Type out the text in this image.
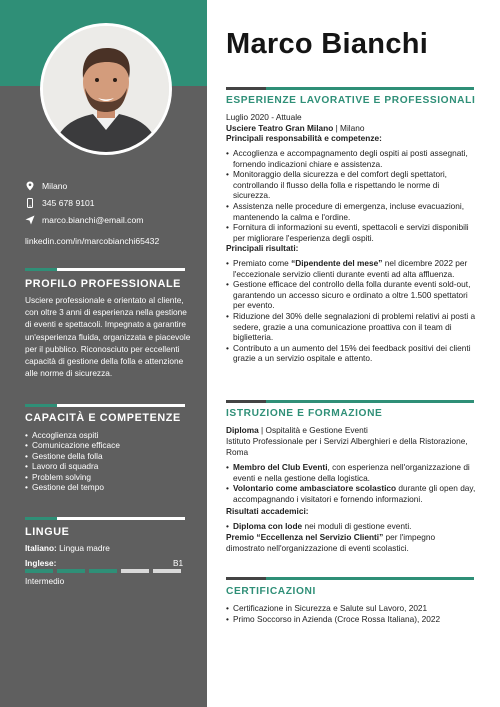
Milano
345 678 9101
marco.bianchi@email.com
linkedin.com/in/marcobianchi65432
PROFILO PROFESSIONALE
Usciere professionale e orientato al cliente, con oltre 3 anni di esperienza nella gestione di eventi e spettacoli. Impegnato a garantire un'esperienza fluida, organizzata e piacevole per il pubblico. Riconosciuto per eccellenti capacità di gestione della folla e attenzione alle norme di sicurezza.
CAPACITÀ E COMPETENZE
• Accoglienza ospiti
• Comunicazione efficace
• Gestione della folla
• Lavoro di squadra
• Problem solving
• Gestione del tempo
LINGUE
Italiano: Lingua madre
Inglese:	B1
Intermedio
Marco Bianchi
ESPERIENZE LAVORATIVE E PROFESSIONALI
Luglio 2020 - Attuale
Usciere Teatro Gran Milano | Milano
Principali responsabilità e competenze:
• Accoglienza e accompagnamento degli ospiti ai posti assegnati, fornendo indicazioni chiare e assistenza.
• Monitoraggio della sicurezza e del comfort degli spettatori, controllando il flusso della folla e rispettando le norme di sicurezza.
• Assistenza nelle procedure di emergenza, incluse evacuazioni, mantenendo la calma e l'ordine.
• Fornitura di informazioni su eventi, spettacoli e servizi disponibili per migliorare l'esperienza degli ospiti.
Principali risultati:
• Premiato come “Dipendente del mese” nel dicembre 2022 per l'eccezionale servizio clienti durante eventi ad alta affluenza.
• Gestione efficace del controllo della folla durante eventi sold-out, garantendo un accesso sicuro e ordinato a oltre 1.500 spettatori per evento.
• Riduzione del 30% delle segnalazioni di problemi relativi ai posti a sedere, grazie a una comunicazione proattiva con il team di biglietteria.
• Contributo a un aumento del 15% dei feedback positivi dei clienti grazie a un servizio ospitale e attento.
ISTRUZIONE E FORMAZIONE
Diploma | Ospitalità e Gestione Eventi
Istituto Professionale per i Servizi Alberghieri e della Ristorazione, Roma
• Membro del Club Eventi, con esperienza nell'organizzazione di eventi e nella gestione della logistica.
• Volontario come ambasciatore scolastico durante gli open day, accompagnando i visitatori e fornendo informazioni.
Risultati accademici:
• Diploma con lode nei moduli di gestione eventi.
Premio “Eccellenza nel Servizio Clienti” per l'impegno dimostrato nell'organizzazione di eventi scolastici.
CERTIFICAZIONI
• Certificazione in Sicurezza e Salute sul Lavoro, 2021
• Primo Soccorso in Azienda (Croce Rossa Italiana), 2022
